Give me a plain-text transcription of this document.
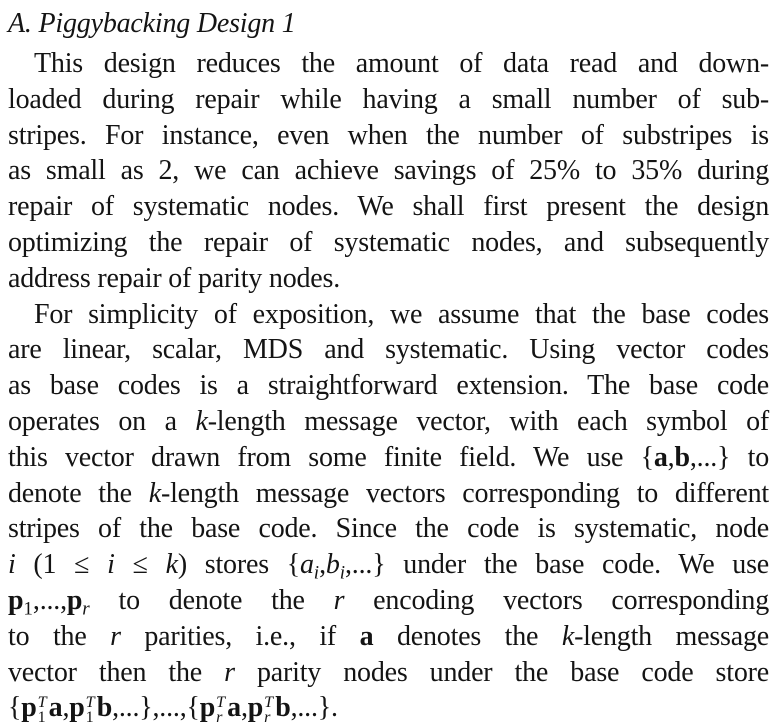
A. Piggybacking Design 1
This design reduces the amount of data read and down-
loaded during repair while having a small number of sub-
stripes. For instance, even when the number of substripes is
as small as 2, we can achieve savings of 25% to 35% during
repair of systematic nodes. We shall first present the design
optimizing the repair of systematic nodes, and subsequently
address repair of parity nodes.
For simplicity of exposition, we assume that the base codes
are linear, scalar, MDS and systematic. Using vector codes
as base codes is a straightforward extension. The base code
operates on a k-length message vector, with each symbol of
this vector drawn from some finite field. We use {a,b,...} to
denote the k-length message vectors corresponding to different
stripes of the base code. Since the code is systematic, node
i (1 ≤ i ≤ k) stores {ai,bi,...} under the base code. We use
p1,...,pr to denote the r encoding vectors corresponding
to the r parities, i.e., if a denotes the k-length message
vector then the r parity nodes under the base code store
{p T
1 a,p T
1 b,...},...,{p T
r a,p T
r b,...}.
